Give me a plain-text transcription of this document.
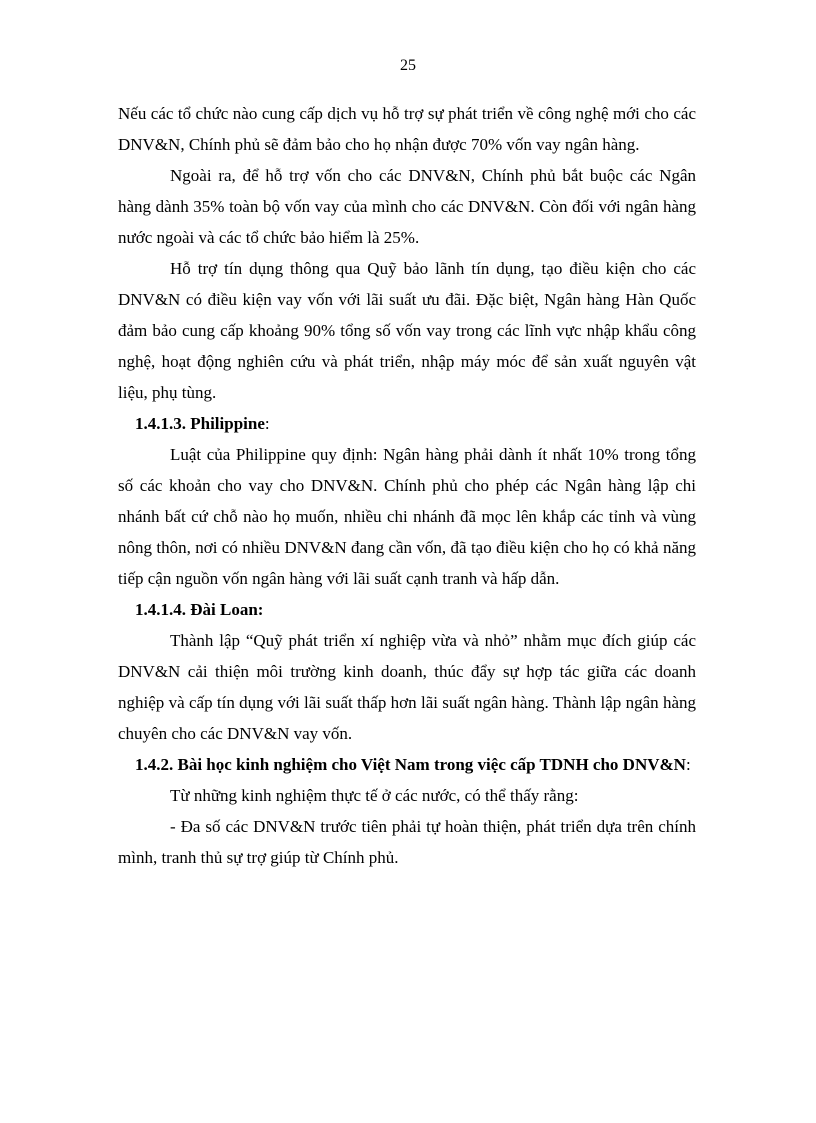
25

Nếu các tổ chức nào cung cấp dịch vụ hỗ trợ sự phát triển về công nghệ mới cho các DNV&N, Chính phủ sẽ đảm bảo cho họ nhận được 70% vốn vay ngân hàng.

Ngoài ra, để hỗ trợ vốn cho các DNV&N, Chính phủ bắt buộc các Ngân hàng dành 35% toàn bộ vốn vay của mình cho các DNV&N. Còn đối với ngân hàng nước ngoài và các tổ chức bảo hiểm là 25%.

Hỗ trợ tín dụng thông qua Quỹ bảo lãnh tín dụng, tạo điều kiện cho các DNV&N có điều kiện vay vốn với lãi suất ưu đãi. Đặc biệt, Ngân hàng Hàn Quốc đảm bảo cung cấp khoảng 90% tổng số vốn vay trong các lĩnh vực nhập khẩu công nghệ, hoạt động nghiên cứu và phát triển, nhập máy móc để sản xuất nguyên vật liệu, phụ tùng.

1.4.1.3. Philippine:

Luật của Philippine quy định: Ngân hàng phải dành ít nhất 10% trong tổng số các khoản cho vay cho DNV&N. Chính phủ cho phép các Ngân hàng lập chi nhánh bất cứ chỗ nào họ muốn, nhiều chi nhánh đã mọc lên khắp các tỉnh và vùng nông thôn, nơi có nhiều DNV&N đang cần vốn, đã tạo điều kiện cho họ có khả năng tiếp cận nguồn vốn ngân hàng với lãi suất cạnh tranh và hấp dẫn.

1.4.1.4. Đài Loan:

Thành lập “Quỹ phát triển xí nghiệp vừa và nhỏ” nhằm mục đích giúp các DNV&N cải thiện môi trường kinh doanh, thúc đẩy sự hợp tác giữa các doanh nghiệp và cấp tín dụng với lãi suất thấp hơn lãi suất ngân hàng. Thành lập ngân hàng chuyên cho các DNV&N vay vốn.

1.4.2. Bài học kinh nghiệm cho Việt Nam trong việc cấp TDNH cho DNV&N:

Từ những kinh nghiệm thực tế ở các nước, có thể thấy rằng:

- Đa số các DNV&N trước tiên phải tự hoàn thiện, phát triển dựa trên chính mình, tranh thủ sự trợ giúp từ Chính phủ.
